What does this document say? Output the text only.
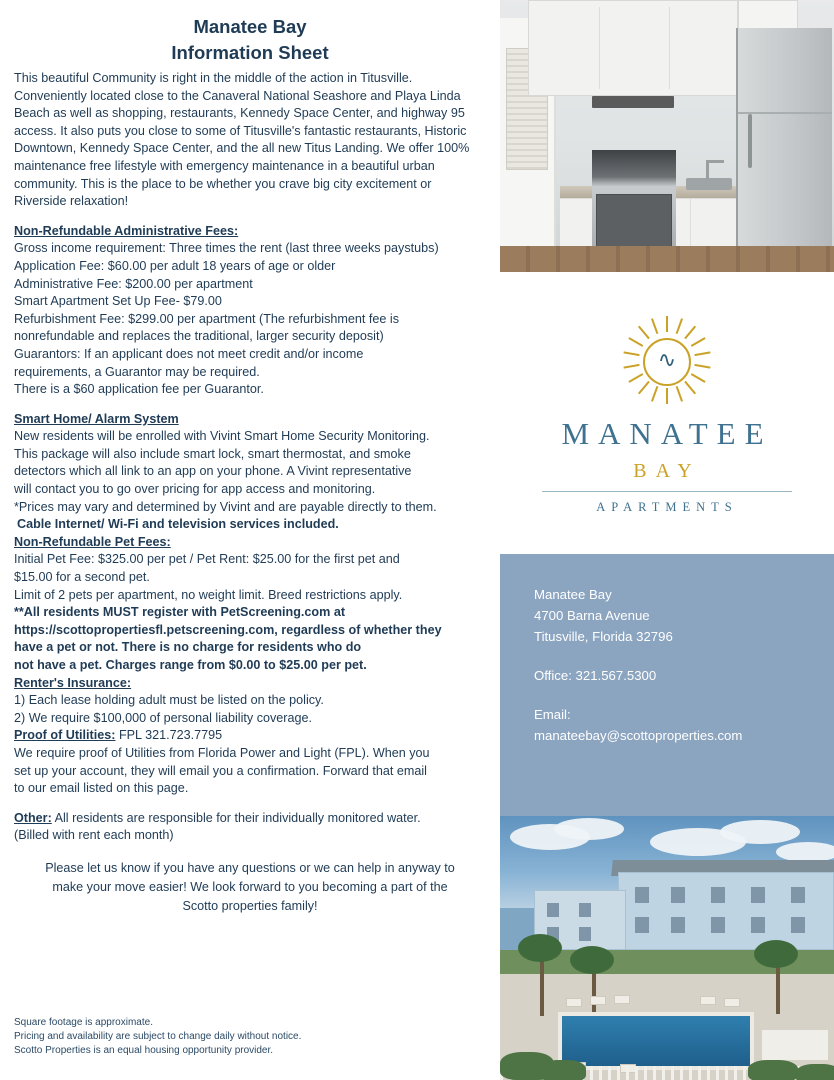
Manatee Bay
Information Sheet

This beautiful Community is right in the middle of the action in Titusville. Conveniently located close to the Canaveral National Seashore and Playa Linda Beach as well as shopping, restaurants, Kennedy Space Center, and highway 95 access. It also puts you close to some of Titusville's fantastic restaurants, Historic Downtown, Kennedy Space Center, and the all new Titus Landing. We offer 100% maintenance free lifestyle with emergency maintenance in a beautiful urban community. This is the place to be whether you crave big city excitement or Riverside relaxation!

Non-Refundable Administrative Fees:
Gross income requirement: Three times the rent (last three weeks paystubs)
Application Fee: $60.00 per adult 18 years of age or older
Administrative Fee: $200.00 per apartment
Smart Apartment Set Up Fee- $79.00
Refurbishment Fee: $299.00 per apartment (The refurbishment fee is
nonrefundable and replaces the traditional, larger security deposit)
Guarantors: If an applicant does not meet credit and/or income
requirements, a Guarantor may be required.
There is a $60 application fee per Guarantor.
Smart Home/ Alarm System
New residents will be enrolled with Vivint Smart Home Security Monitoring.
This package will also include smart lock, smart thermostat, and smoke
detectors which all link to an app on your phone. A Vivint representative
will contact you to go over pricing for app access and monitoring.
*Prices may vary and determined by Vivint and are payable directly to them.
Cable Internet/ Wi-Fi and television services included.
Non-Refundable Pet Fees:
Initial Pet Fee: $325.00 per pet / Pet Rent: $25.00 for the first pet and
$15.00 for a second pet.
Limit of 2 pets per apartment, no weight limit. Breed restrictions apply.
**All residents MUST register with PetScreening.com at
https://scottopropertiesfl.petscreening.com, regardless of whether they
have a pet or not. There is no charge for residents who do
not have a pet. Charges range from $0.00 to $25.00 per pet.
Renter's Insurance:
1) Each lease holding adult must be listed on the policy.
2) We require $100,000 of personal liability coverage.
Proof of Utilities: FPL 321.723.7795
We require proof of Utilities from Florida Power and Light (FPL). When you
set up your account, they will email you a confirmation. Forward that email
to our email listed on this page.
Other: All residents are responsible for their individually monitored water.
(Billed with rent each month)
Please let us know if you have any questions or we can help in anyway to
make your move easier! We look forward to you becoming a part of the
Scotto properties family!
Square footage is approximate.
Pricing and availability are subject to change daily without notice.
Scotto Properties is an equal housing opportunity provider.
∿
MANATEE
BAY
APARTMENTS
Manatee Bay
4700 Barna Avenue
Titusville, Florida 32796
Office: 321.567.5300
Email:
manateebay@scottoproperties.com
